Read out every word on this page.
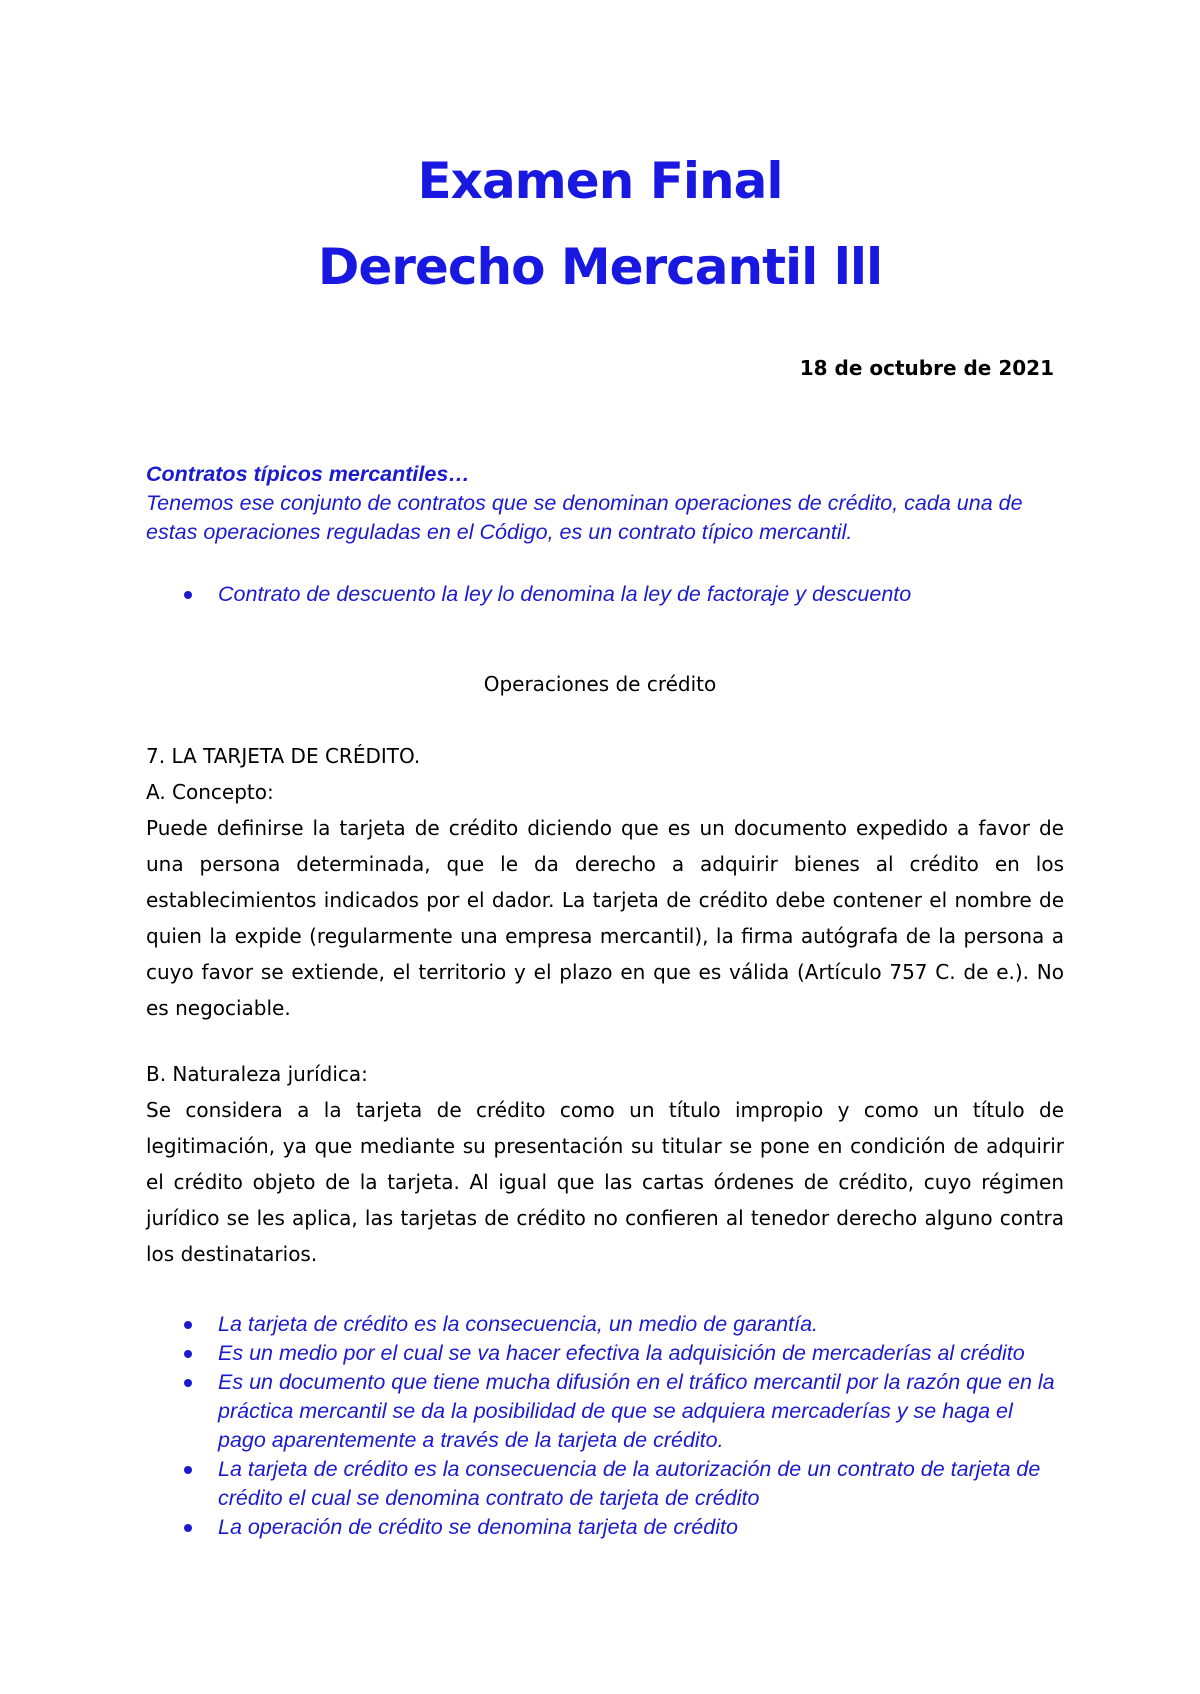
Examen Final
Derecho Mercantil lll
18 de octubre de 2021
Contratos típicos mercantiles…
Tenemos ese conjunto de contratos que se denominan operaciones de crédito, cada una de estas operaciones reguladas en el Código, es un contrato típico mercantil.
Contrato de descuento la ley lo denomina la ley de factoraje y descuento
Operaciones de crédito
7. LA TARJETA DE CRÉDITO.
A. Concepto:

Puede definirse la tarjeta de crédito diciendo que es un documento expedido a favor de una persona determinada, que le da derecho a adquirir bienes al crédito en los establecimientos indicados por el dador. La tarjeta de crédito debe contener el nombre de quien la expide (regularmente una empresa mercantil), la firma autógrafa de la persona a cuyo favor se extiende, el territorio y el plazo en que es válida (Artículo 757 C. de e.). No es negociable.

B. Naturaleza jurídica:

Se considera a la tarjeta de crédito como un título impropio y como un título de legitimación, ya que mediante su presentación su titular se pone en condición de adquirir el crédito objeto de la tarjeta. Al igual que las cartas órdenes de crédito, cuyo régimen jurídico se les aplica, las tarjetas de crédito no confieren al tenedor derecho alguno contra los destinatarios.

La tarjeta de crédito es la consecuencia, un medio de garantía.
Es un medio por el cual se va hacer efectiva la adquisición de mercaderías al crédito
Es un documento que tiene mucha difusión en el tráfico mercantil por la razón que en la práctica mercantil se da la posibilidad de que se adquiera mercaderías y se haga el pago aparentemente a través de la tarjeta de crédito.
La tarjeta de crédito es la consecuencia de la autorización de un contrato de tarjeta de crédito el cual se denomina contrato de tarjeta de crédito
La operación de crédito se denomina tarjeta de crédito
